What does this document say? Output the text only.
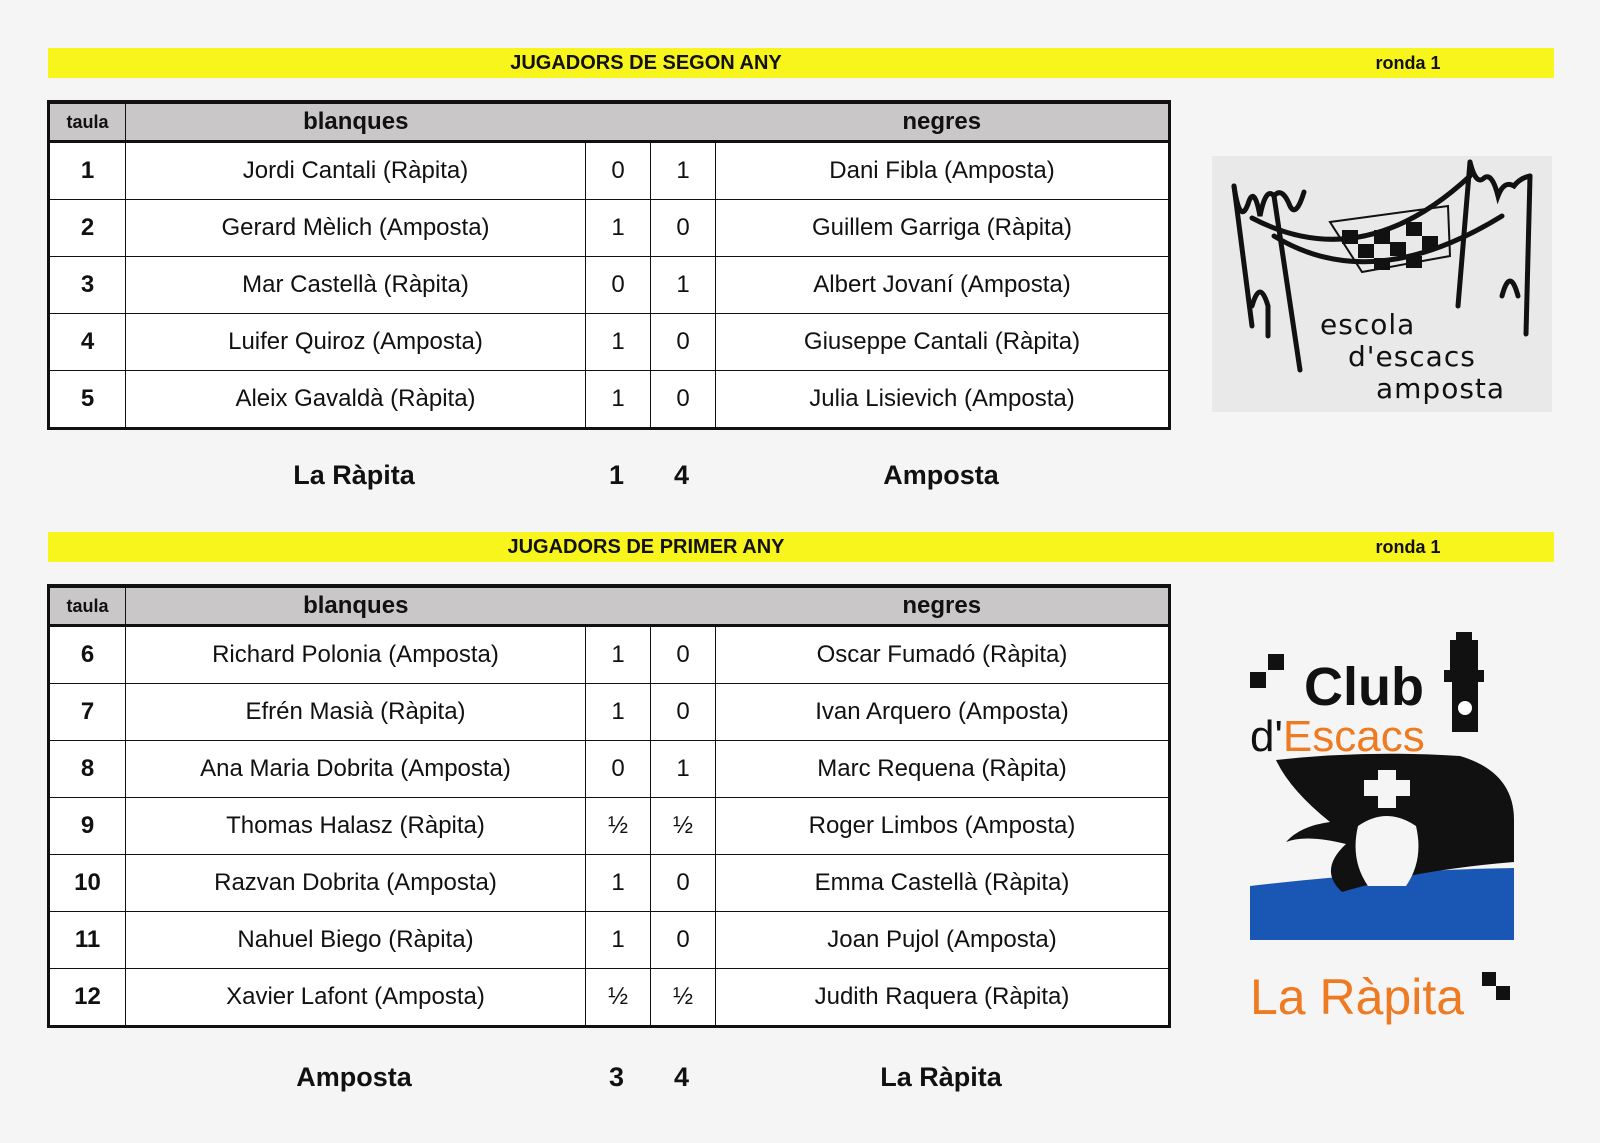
JUGADORS DE SEGON ANY	ronda 1
taula	blanques			negres
1	Jordi Cantali (Ràpita)	0	1	Dani Fibla (Amposta)
2	Gerard Mèlich (Amposta)	1	0	Guillem Garriga (Ràpita)
3	Mar Castellà (Ràpita)	0	1	Albert Jovaní (Amposta)
4	Luifer Quiroz (Amposta)	1	0	Giuseppe Cantali (Ràpita)
5	Aleix Gavaldà (Ràpita)	1	0	Julia Lisievich (Amposta)
La Ràpita	1	4	Amposta
JUGADORS DE PRIMER ANY	ronda 1
taula	blanques			negres
6	Richard Polonia (Amposta)	1	0	Oscar Fumadó (Ràpita)
7	Efrén Masià (Ràpita)	1	0	Ivan Arquero (Amposta)
8	Ana Maria Dobrita (Amposta)	0	1	Marc Requena (Ràpita)
9	Thomas Halasz (Ràpita)	½	½	Roger Limbos (Amposta)
10	Razvan Dobrita (Amposta)	1	0	Emma Castellà (Ràpita)
11	Nahuel Biego (Ràpita)	1	0	Joan Pujol (Amposta)
12	Xavier Lafont (Amposta)	½	½	Judith Raquera (Ràpita)
Amposta	3	4	La Ràpita
escola
d'escacs
amposta
Club
d'Escacs
La Ràpita
